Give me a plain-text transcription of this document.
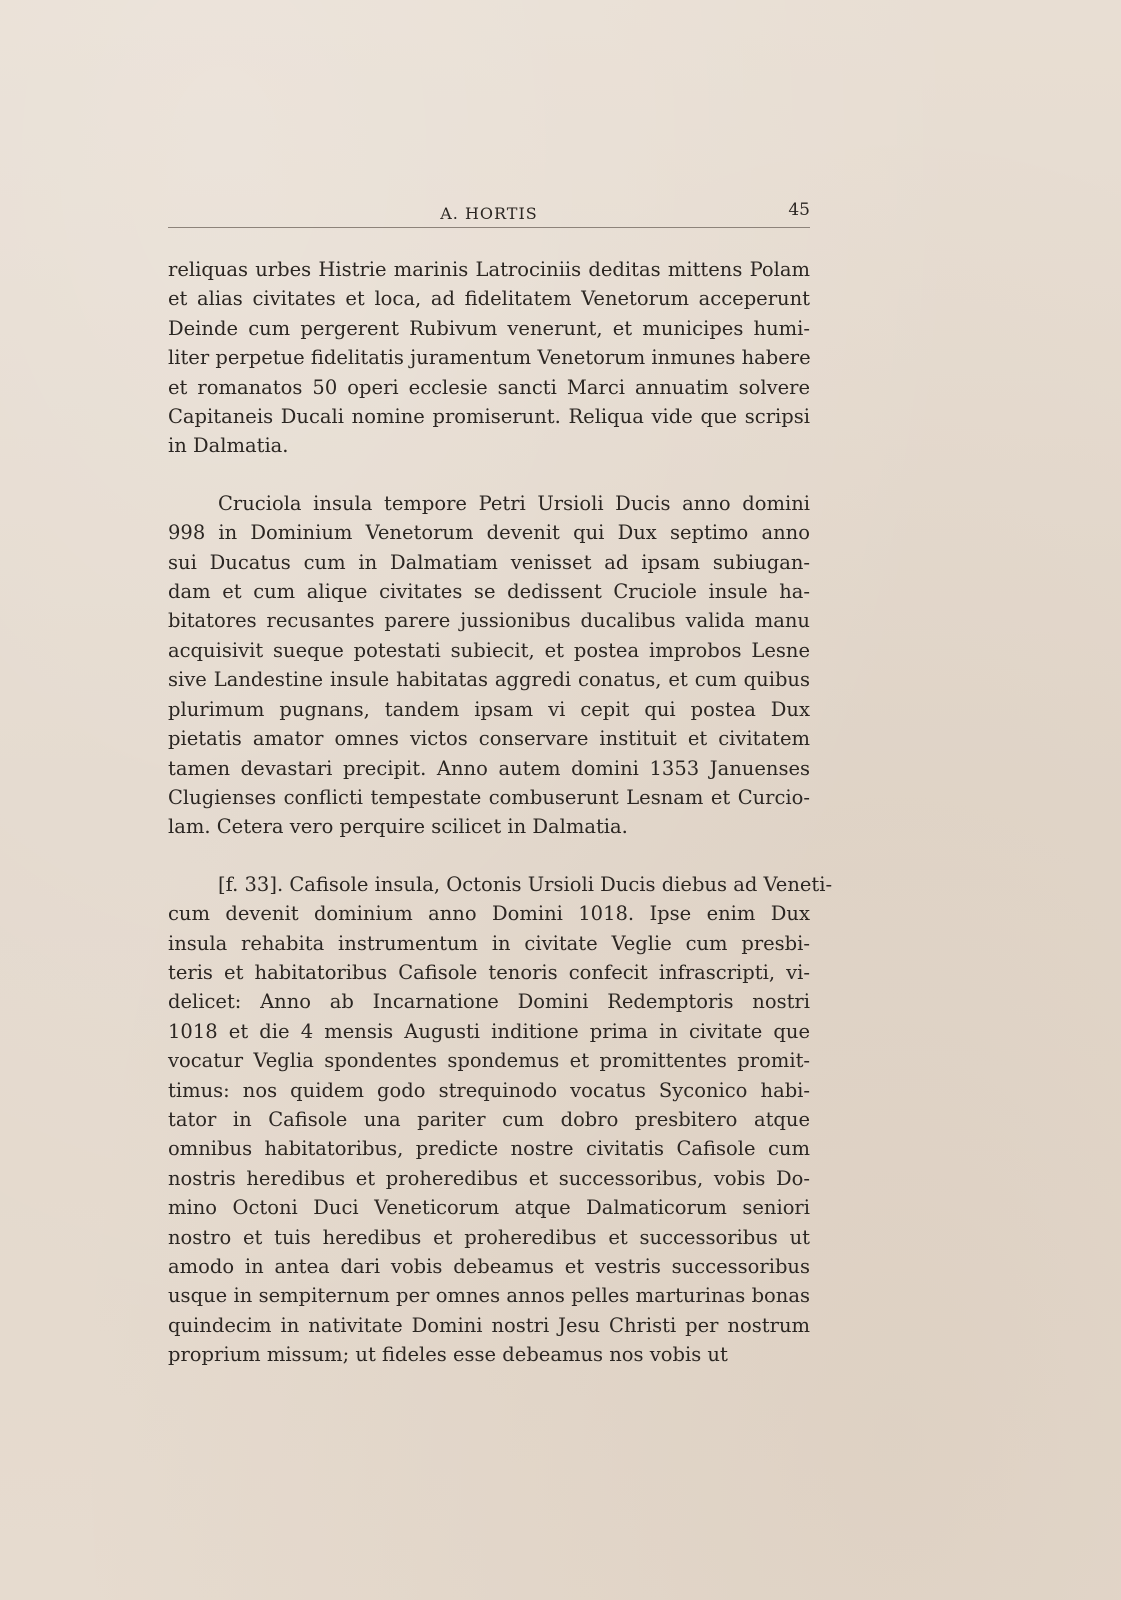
A. HORTIS	45
reliquas urbes Histrie marinis Latrociniis deditas mittens Polam
et alias civitates et loca, ad fidelitatem Venetorum acceperunt
Deinde cum pergerent Rubivum venerunt, et municipes humi-
liter perpetue fidelitatis juramentum Venetorum inmunes habere
et romanatos 50 operi ecclesie sancti Marci annuatim solvere
Capitaneis Ducali nomine promiserunt. Reliqua vide que scripsi
in Dalmatia.
Cruciola insula tempore Petri Ursioli Ducis anno domini
998 in Dominium Venetorum devenit qui Dux septimo anno
sui Ducatus cum in Dalmatiam venisset ad ipsam subiugan-
dam et cum alique civitates se dedissent Cruciole insule ha-
bitatores recusantes parere jussionibus ducalibus valida manu
acquisivit sueque potestati subiecit, et postea improbos Lesne
sive Landestine insule habitatas aggredi conatus, et cum quibus
plurimum pugnans, tandem ipsam vi cepit qui postea Dux
pietatis amator omnes victos conservare instituit et civitatem
tamen devastari precipit. Anno autem domini 1353 Januenses
Clugienses conflicti tempestate combuserunt Lesnam et Curcio-
lam. Cetera vero perquire scilicet in Dalmatia.
[f. 33]. Cafisole insula, Octonis Ursioli Ducis diebus ad Veneti-
cum devenit dominium anno Domini 1018. Ipse enim Dux
insula rehabita instrumentum in civitate Veglie cum presbi-
teris et habitatoribus Cafisole tenoris confecit infrascripti, vi-
delicet: Anno ab Incarnatione Domini Redemptoris nostri
1018 et die 4 mensis Augusti inditione prima in civitate que
vocatur Veglia spondentes spondemus et promittentes promit-
timus: nos quidem godo strequinodo vocatus Syconico habi-
tator in Cafisole una pariter cum dobro presbitero atque
omnibus habitatoribus, predicte nostre civitatis Cafisole cum
nostris heredibus et proheredibus et successoribus, vobis Do-
mino Octoni Duci Veneticorum atque Dalmaticorum seniori
nostro et tuis heredibus et proheredibus et successoribus ut
amodo in antea dari vobis debeamus et vestris successoribus
usque in sempiternum per omnes annos pelles marturinas bonas
quindecim in nativitate Domini nostri Jesu Christi per nostrum
proprium missum; ut fideles esse debeamus nos vobis ut
